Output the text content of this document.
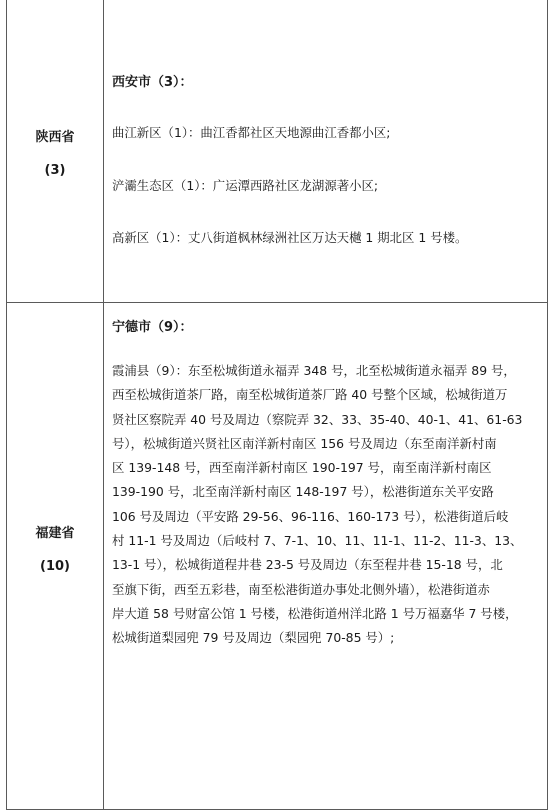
陕西省
(3)
西安市（3）：
曲江新区（1）：曲江香都社区天地源曲江香都小区;
浐灞生态区（1）：广运潭西路社区龙湖源著小区;
高新区（1）：丈八街道枫林绿洲社区万达天樾 1 期北区 1 号楼。
福建省
(10)
宁德市（9）：
霞浦县（9）：东至松城街道永福弄 348 号，北至松城街道永福弄 89 号，
西至松城街道茶厂路，南至松城街道茶厂路 40 号整个区域，松城街道万
贤社区察院弄 40 号及周边（察院弄 32、33、35-40、40-1、41、61-63
号），松城街道兴贤社区南洋新村南区 156 号及周边（东至南洋新村南
区 139-148 号，西至南洋新村南区 190-197 号，南至南洋新村南区
139-190 号，北至南洋新村南区 148-197 号），松港街道东关平安路
106 号及周边（平安路 29-56、96-116、160-173 号），松港街道后岐
村 11-1 号及周边（后岐村 7、7-1、10、11、11-1、11-2、11-3、13、
13-1 号），松城街道程井巷 23-5 号及周边（东至程井巷 15-18 号，北
至旗下街，西至五彩巷，南至松港街道办事处北侧外墙），松港街道赤
岸大道 58 号财富公馆 1 号楼，松港街道州洋北路 1 号万福嘉华 7 号楼，
松城街道梨园兜 79 号及周边（梨园兜 70-85 号）;
